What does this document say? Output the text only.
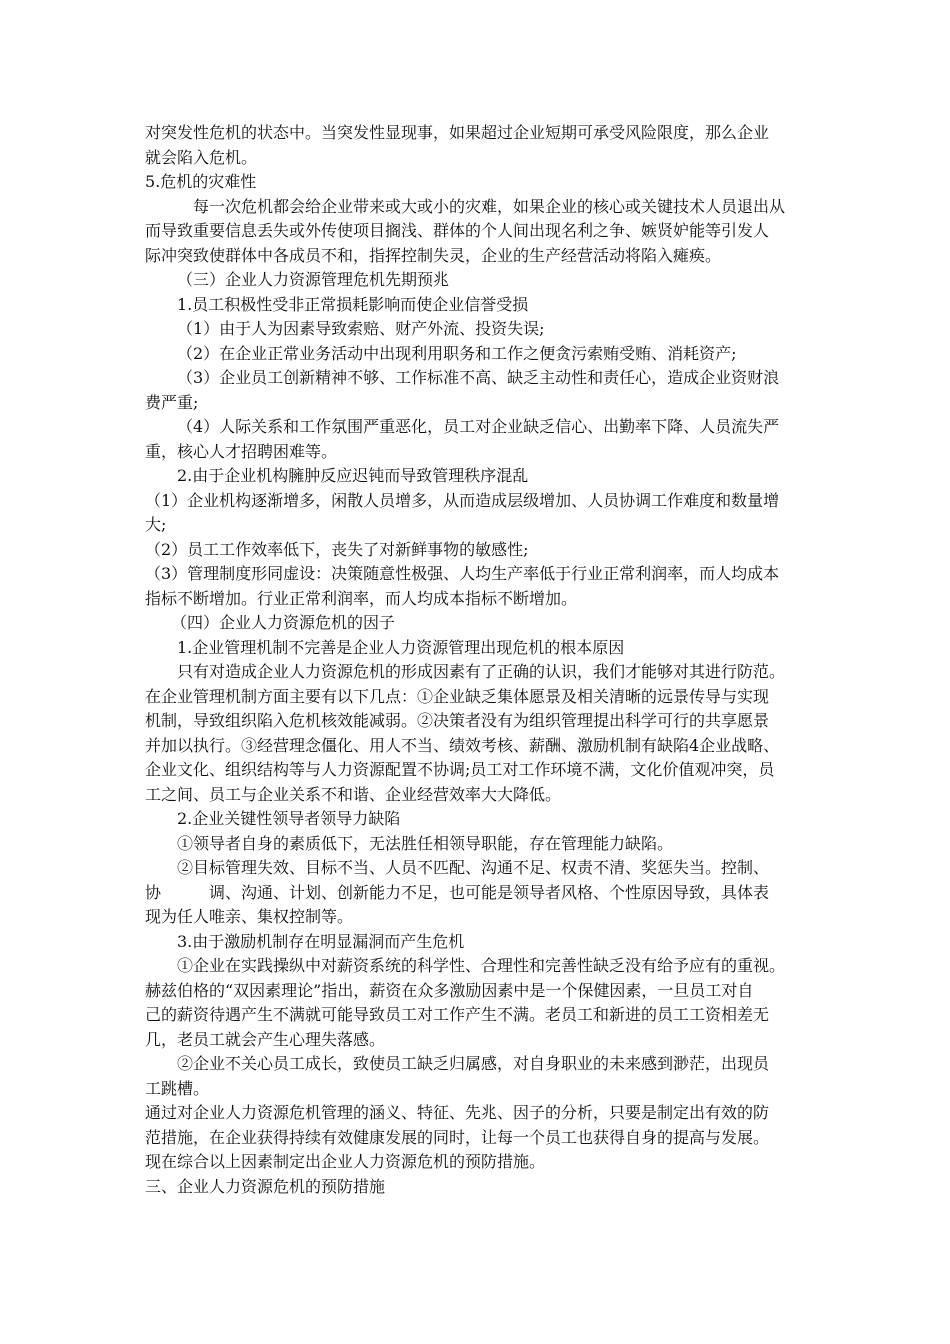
对突发性危机的状态中。当突发性显现事，如果超过企业短期可承受风险限度，那么企业
就会陷入危机。
5.危机的灾难性
每一次危机都会给企业带来或大或小的灾难，如果企业的核心或关键技术人员退出从
而导致重要信息丢失或外传使项目搁浅、群体的个人间出现名利之争、嫉贤妒能等引发人
际冲突致使群体中各成员不和，指挥控制失灵，企业的生产经营活动将陷入瘫痪。
（三）企业人力资源管理危机先期预兆
1.员工积极性受非正常损耗影响而使企业信誉受损
（1）由于人为因素导致索赔、财产外流、投资失误;
（2）在企业正常业务活动中出现利用职务和工作之便贪污索贿受贿、消耗资产;
（3）企业员工创新精神不够、工作标准不高、缺乏主动性和责任心，造成企业资财浪
费严重;
（4）人际关系和工作氛围严重恶化，员工对企业缺乏信心、出勤率下降、人员流失严
重，核心人才招聘困难等。
2.由于企业机构臃肿反应迟钝而导致管理秩序混乱
（1）企业机构逐渐增多，闲散人员增多，从而造成层级增加、人员协调工作难度和数量增
大;
（2）员工工作效率低下，丧失了对新鲜事物的敏感性;
（3）管理制度形同虚设：决策随意性极强、人均生产率低于行业正常利润率，而人均成本
指标不断增加。行业正常利润率，而人均成本指标不断增加。
（四）企业人力资源危机的因子
1.企业管理机制不完善是企业人力资源管理出现危机的根本原因
只有对造成企业人力资源危机的形成因素有了正确的认识，我们才能够对其进行防范。
在企业管理机制方面主要有以下几点：①企业缺乏集体愿景及相关清晰的远景传导与实现
机制，导致组织陷入危机核效能减弱。②决策者没有为组织管理提出科学可行的共享愿景
并加以执行。③经营理念僵化、用人不当、绩效考核、薪酬、激励机制有缺陷4企业战略、
企业文化、组织结构等与人力资源配置不协调;员工对工作环境不满，文化价值观冲突，员
工之间、员工与企业关系不和谐、企业经营效率大大降低。
2.企业关键性领导者领导力缺陷
①领导者自身的素质低下，无法胜任相领导职能，存在管理能力缺陷。
②目标管理失效、目标不当、人员不匹配、沟通不足、权责不清、奖惩失当。控制、
协　　　调、沟通、计划、创新能力不足，也可能是领导者风格、个性原因导致，具体表
现为任人唯亲、集权控制等。
3.由于激励机制存在明显漏洞而产生危机
①企业在实践操纵中对薪资系统的科学性、合理性和完善性缺乏没有给予应有的重视。
赫兹伯格的“双因素理论”指出，薪资在众多激励因素中是一个保健因素，一旦员工对自
己的薪资待遇产生不满就可能导致员工对工作产生不满。老员工和新进的员工工资相差无
几，老员工就会产生心理失落感。
②企业不关心员工成长，致使员工缺乏归属感，对自身职业的未来感到渺茫，出现员
工跳槽。
通过对企业人力资源危机管理的涵义、特征、先兆、因子的分析，只要是制定出有效的防
范措施，在企业获得持续有效健康发展的同时，让每一个员工也获得自身的提高与发展。
现在综合以上因素制定出企业人力资源危机的预防措施。
三、企业人力资源危机的预防措施
